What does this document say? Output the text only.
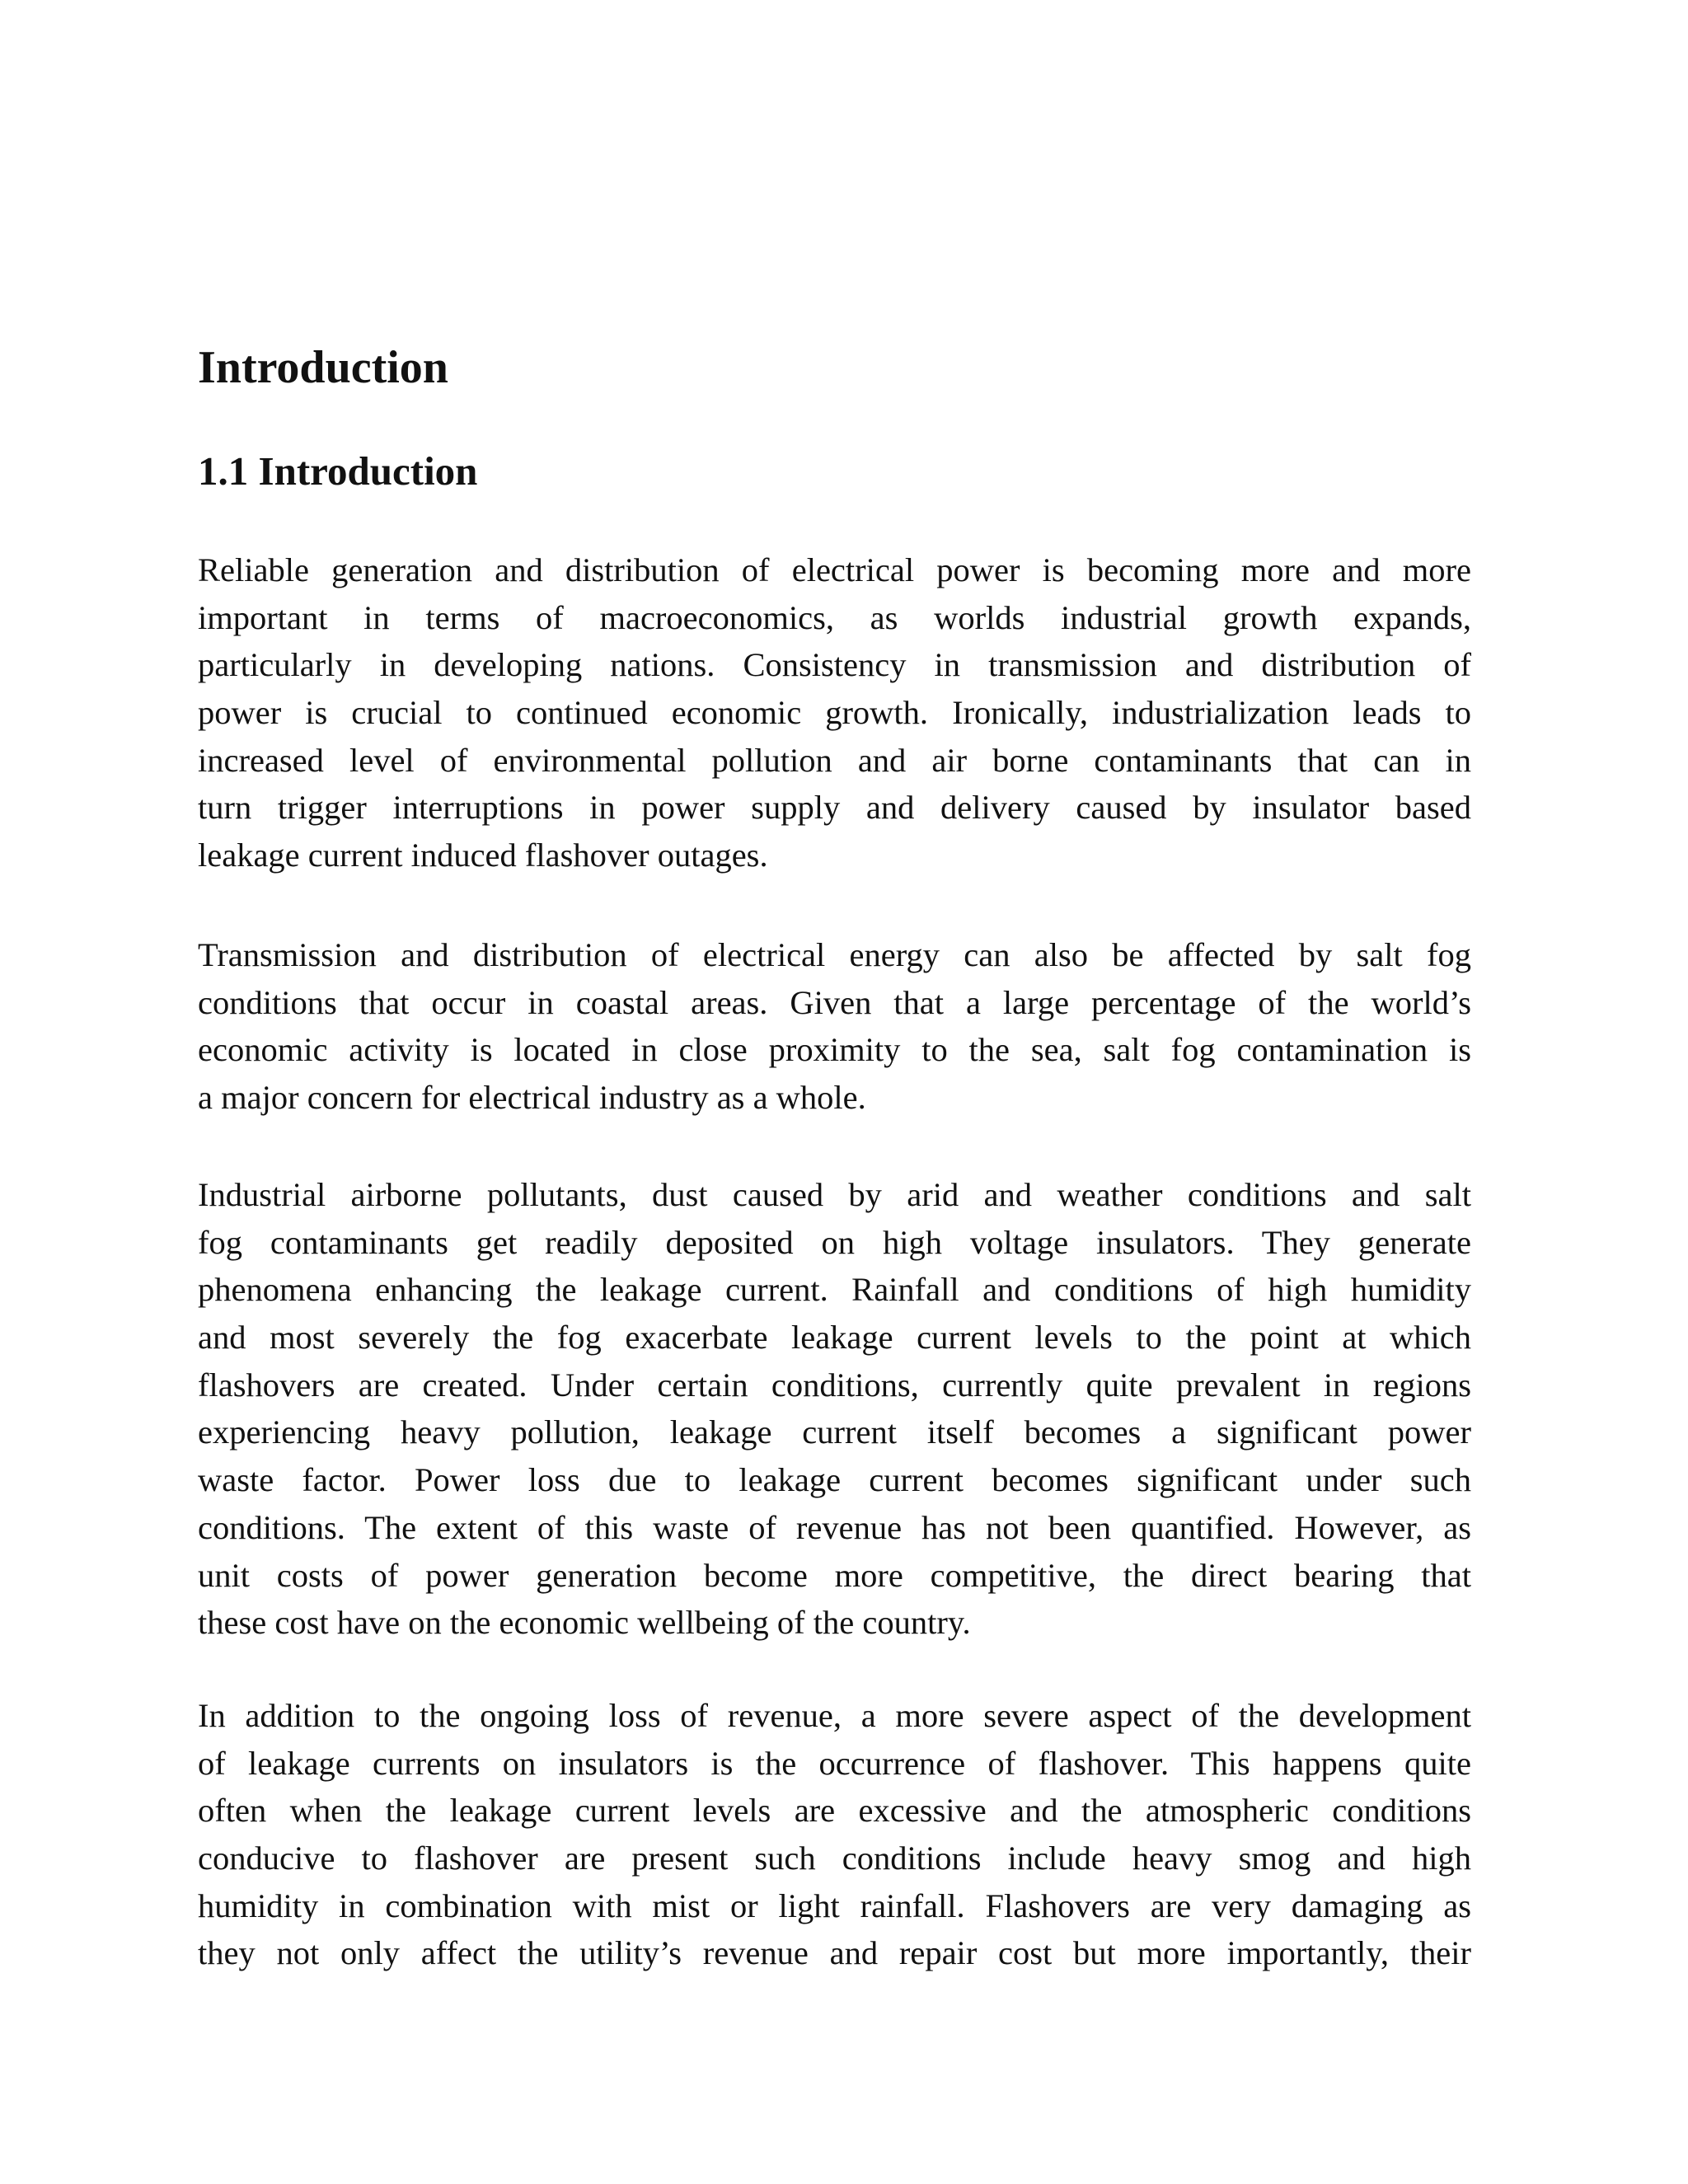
Introduction
1.1 Introduction

Reliable generation and distribution of electrical power is becoming more and more
important in terms of macroeconomics, as worlds industrial growth expands,
particularly in developing nations. Consistency in transmission and distribution of
power is crucial to continued economic growth. Ironically, industrialization leads to
increased level of environmental pollution and air borne contaminants that can in
turn trigger interruptions in power supply and delivery caused by insulator based
leakage current induced flashover outages.

Transmission and distribution of electrical energy can also be affected by salt fog
conditions that occur in coastal areas. Given that a large percentage of the world’s
economic activity is located in close proximity to the sea, salt fog contamination is
a major concern for electrical industry as a whole.

Industrial airborne pollutants, dust caused by arid and weather conditions and salt
fog contaminants get readily deposited on high voltage insulators. They generate
phenomena enhancing the leakage current. Rainfall and conditions of high humidity
and most severely the fog exacerbate leakage current levels to the point at which
flashovers are created. Under certain conditions, currently quite prevalent in regions
experiencing heavy pollution, leakage current itself becomes a significant power
waste factor. Power loss due to leakage current becomes significant under such
conditions. The extent of this waste of revenue has not been quantified. However, as
unit costs of power generation become more competitive, the direct bearing that
these cost have on the economic wellbeing of the country.

In addition to the ongoing loss of revenue, a more severe aspect of the development
of leakage currents on insulators is the occurrence of flashover. This happens quite
often when the leakage current levels are excessive and the atmospheric conditions
conducive to flashover are present such conditions include heavy smog and high
humidity in combination with mist or light rainfall. Flashovers are very damaging as
they not only affect the utility’s revenue and repair cost but more importantly, their
